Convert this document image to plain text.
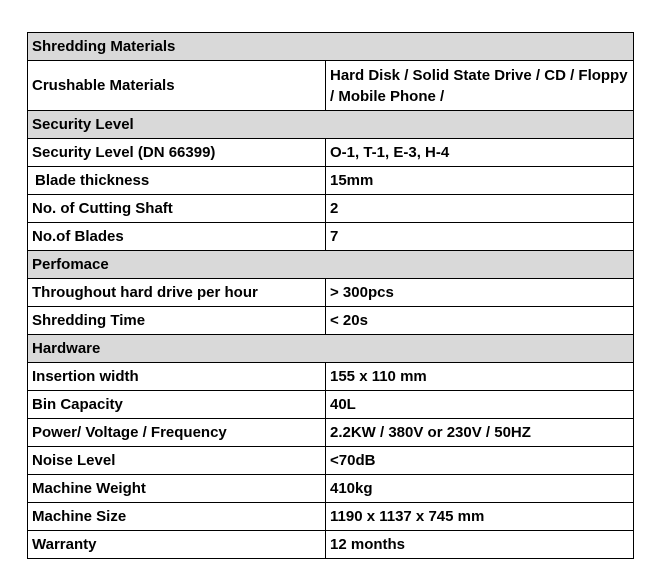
Shredding Materials	
Crushable Materials	Hard Disk / Solid State Drive / CD / Floppy / Mobile Phone /
Security Level	
Security Level (DN 66399)	O-1, T-1, E-3, H-4
Blade thickness	15mm
No. of Cutting Shaft	2
No.of Blades	7
Perfomace	
Throughout hard drive per hour	> 300pcs
Shredding Time	< 20s
Hardware	
Insertion width	155 x 110 mm
Bin Capacity	40L
Power/ Voltage / Frequency	2.2KW / 380V or 230V / 50HZ
Noise Level	<70dB
Machine Weight	410kg
Machine Size	1190 x 1137 x 745 mm
Warranty	12 months
